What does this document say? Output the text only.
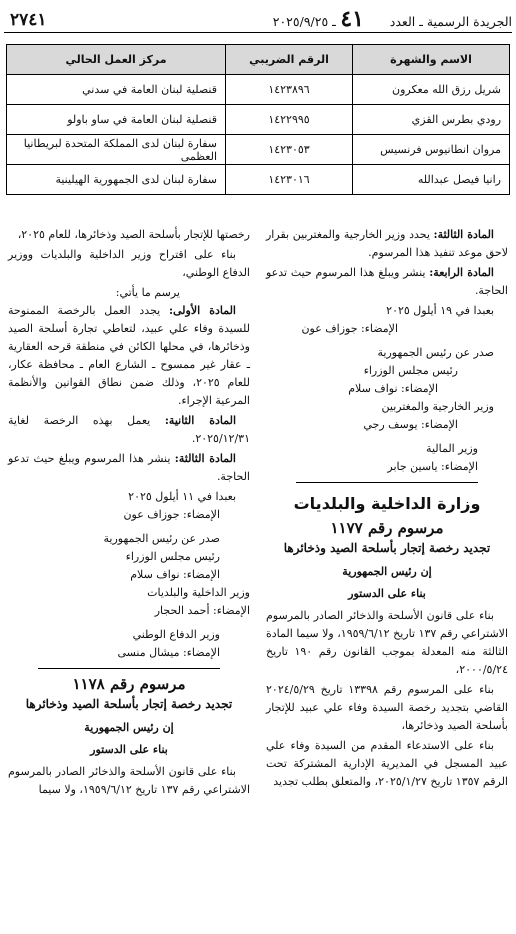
الجريدة الرسمية ـ العدد  ـ ٢٠٢٥/٩/٢٥ ٤١
٢٧٤١
الاسم والشهرة	الرقم الضريبي	مركز العمل الحالي
شريل رزق الله معكرون	١٤٢٣٨٩٦	قنصلية لبنان العامة في سدني
رودي بطرس القزي	١٤٢٢٩٩٥	قنصلية لبنان العامة في ساو باولو
مروان انطانيوس فرنسيس	١٤٢٣٠٥٣	سفارة لبنان لدى المملكة المتحدة لبريطانيا العظمى
رانيا فيصل عبدالله	١٤٢٣٠١٦	سفارة لبنان لدى الجمهورية الهيلينية

المادة الثالثة: يحدد وزير الخارجية والمغتربين بقرار لاحق موعد تنفيذ هذا المرسوم.

المادة الرابعة: ينشر ويبلغ هذا المرسوم حيث تدعو الحاجة.

بعبدا في ١٩ أيلول ٢٠٢٥
الإمضاء: جوزاف عون
صدر عن رئيس الجمهورية
رئيس مجلس الوزراء
الإمضاء: نواف سلام
وزير الخارجية والمغتربين
الإمضاء: يوسف رجي
وزير المالية
الإمضاء: ياسين جابر
وزارة الداخلية والبلديات
مرسوم رقم ١١٧٧
تجديد رخصة إتجار بأسلحة الصيد وذخائرها
إن رئيس الجمهورية
بناء على الدستور

بناء على قانون الأسلحة والذخائر الصادر بالمرسوم الاشتراعي رقم ١٣٧ تاريخ ١٩٥٩/٦/١٢، ولا سيما المادة الثالثة منه المعدلة بموجب القانون رقم ١٩٠ تاريخ ٢٠٠٠/٥/٢٤،

بناء على المرسوم رقم ١٣٣٩٨ تاريخ ٢٠٢٤/٥/٢٩ القاضي بتجديد رخصة السيدة وفاء علي عبيد للإتجار بأسلحة الصيد وذخائرها،

بناء على الاستدعاء المقدم من السيدة وفاء علي عبيد المسجل في المديرية الإدارية المشتركة تحت الرقم ١٣٥٧ تاريخ ٢٠٢٥/١/٢٧، والمتعلق بطلب تجديد

رخصتها للإتجار بأسلحة الصيد وذخائرها، للعام ٢٠٢٥،

بناء على اقتراح وزير الداخلية والبلديات ووزير الدفاع الوطني،

يرسم ما يأتي:

المادة الأولى: يجدد العمل بالرخصة الممنوحة للسيدة وفاء علي عبيد، لتعاطي تجارة أسلحة الصيد وذخائرها، في محلها الكائن في منطقة قرحه العقارية ـ عقار غير ممسوح ـ الشارع العام ـ محافظة عكار، للعام ٢٠٢٥، وذلك ضمن نطاق القوانين والأنظمة المرعية الإجراء.

المادة الثانية: يعمل بهذه الرخصة لغاية ٢٠٢٥/١٢/٣١.

المادة الثالثة: ينشر هذا المرسوم ويبلغ حيث تدعو الحاجة.

بعبدا في ١١ أيلول ٢٠٢٥
الإمضاء: جوزاف عون
صدر عن رئيس الجمهورية
رئيس مجلس الوزراء
الإمضاء: نواف سلام
وزير الداخلية والبلديات
الإمضاء: أحمد الحجار
وزير الدفاع الوطني
الإمضاء: ميشال منسى
مرسوم رقم ١١٧٨
تجديد رخصة إتجار بأسلحة الصيد وذخائرها
إن رئيس الجمهورية
بناء على الدستور

بناء على قانون الأسلحة والذخائر الصادر بالمرسوم الاشتراعي رقم ١٣٧ تاريخ ١٩٥٩/٦/١٢، ولا سيما
